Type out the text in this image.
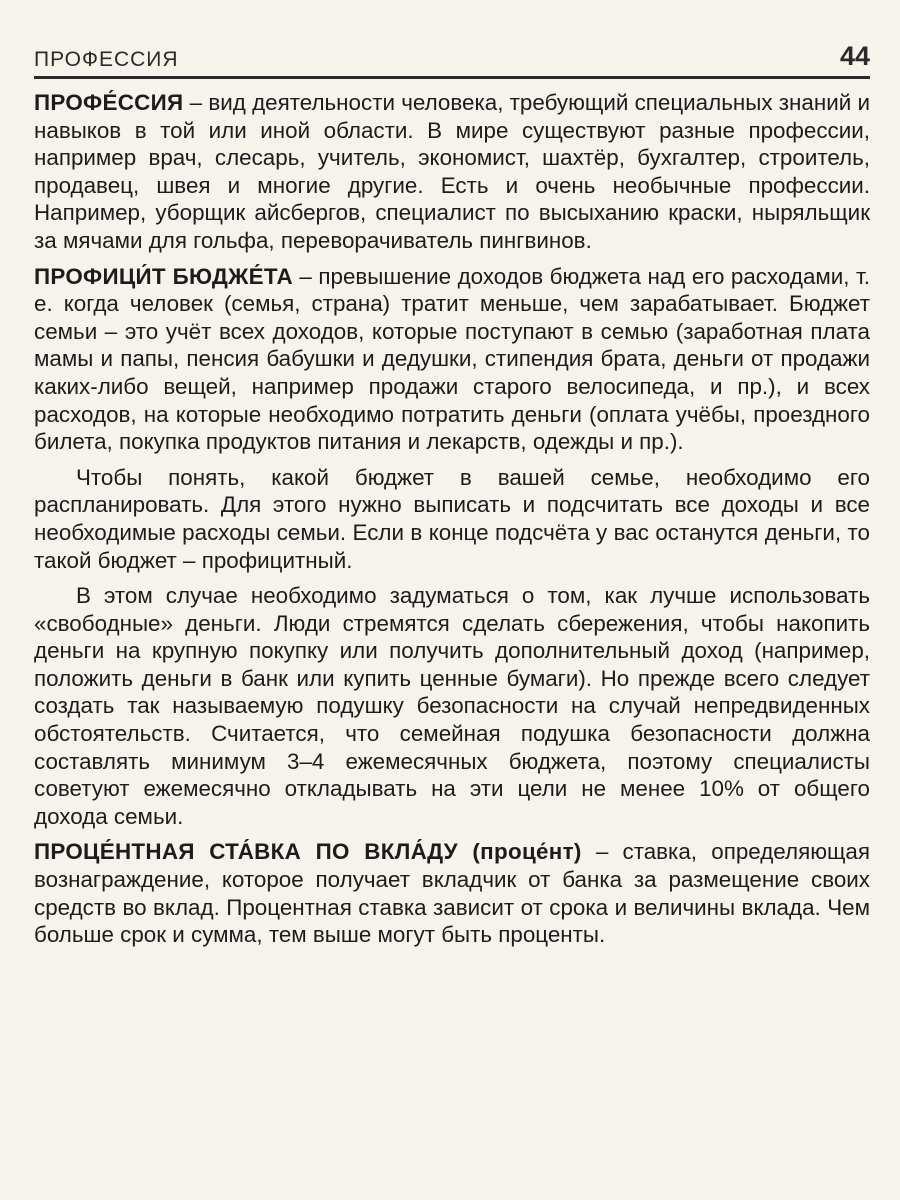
ПРОФЕССИЯ	44

ПРОФЕ́ССИЯ – вид деятельности человека, требующий специальных знаний и навыков в той или иной области. В мире существуют разные профессии, например врач, слесарь, учитель, экономист, шахтёр, бухгалтер, строитель, продавец, швея и многие другие. Есть и очень необычные профессии. Например, уборщик айсбергов, специалист по высыханию краски, ныряльщик за мячами для гольфа, переворачиватель пингвинов.

ПРОФИЦИ́Т БЮДЖЕ́ТА – превышение доходов бюджета над его расходами, т. е. когда человек (семья, страна) тратит меньше, чем зарабатывает. Бюджет семьи – это учёт всех доходов, которые поступают в семью (заработная плата мамы и папы, пенсия бабушки и дедушки, стипендия брата, деньги от продажи каких-либо вещей, например продажи старого велосипеда, и пр.), и всех расходов, на которые необходимо потратить деньги (оплата учёбы, проездного билета, покупка продуктов питания и лекарств, одежды и пр.).

Чтобы понять, какой бюджет в вашей семье, необходимо его распланировать. Для этого нужно выписать и подсчитать все доходы и все необходимые расходы семьи. Если в конце подсчёта у вас останутся деньги, то такой бюджет – профицитный.

В этом случае необходимо задуматься о том, как лучше использовать «свободные» деньги. Люди стремятся сделать сбережения, чтобы накопить деньги на крупную покупку или получить дополнительный доход (например, положить деньги в банк или купить ценные бумаги). Но прежде всего следует создать так называемую подушку безопасности на случай непредвиденных обстоятельств. Считается, что семейная подушка безопасности должна составлять минимум 3–4 ежемесячных бюджета, поэтому специалисты советуют ежемесячно откладывать на эти цели не менее 10% от общего дохода семьи.

ПРОЦЕ́НТНАЯ СТА́ВКА ПО ВКЛА́ДУ (проце́нт) – ставка, определяющая вознаграждение, которое получает вкладчик от банка за размещение своих средств во вклад. Процентная ставка зависит от срока и величины вклада. Чем больше срок и сумма, тем выше могут быть проценты.
